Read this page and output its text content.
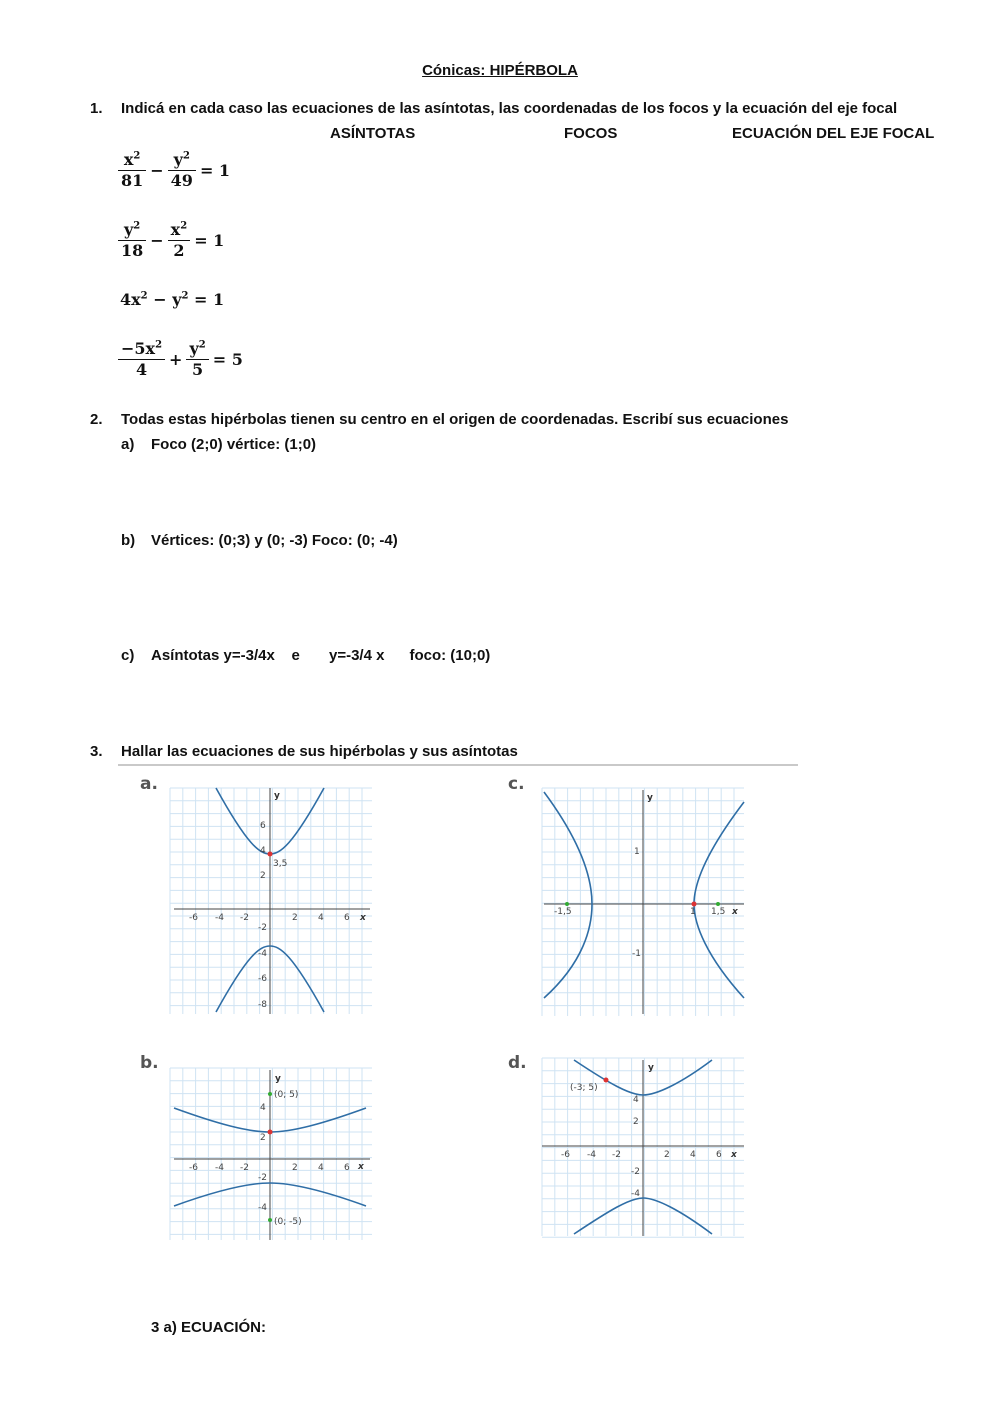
Cónicas: HIPÉRBOLA
1.	Indicá en cada caso las ecuaciones de las asíntotas, las coordenadas de los focos y la ecuación del eje focal
ASÍNTOTAS	FOCOS	ECUACIÓN DEL EJE FOCAL
$\frac{x^2}{81} - \frac{y^2}{49} = 1$
$\frac{y^2}{18} - \frac{x^2}{2} = 1$
$4x^2 - y^2 = 1$
$\frac{-5x^2}{4} + \frac{y^2}{5} = 5$
2.	Todas estas hipérbolas tienen su centro en el origen de coordenadas. Escribí sus ecuaciones
a) Foco (2;0) vértice: (1;0)
b) Vértices: (0;3) y (0; -3) Foco: (0; -4)
c) Asíntotas y=-3/4x    e       y=-3/4 x      foco: (10;0)
3.	Hallar las ecuaciones de sus hipérbolas y sus asíntotas
a.	c.
b.	d.
3,5
y
x
-6 -4 -2	2 4 6
6
4
2
-2
-4
-6
-8
y
x
-1,5	1 1,5
1
-1
(0; 5)
(0; -5)
y
x
-6 -4 -2	2 4 6
4
2
-2
-4
(-3; 5)
y
x
-6 -4 -2	2 4 6
4
2
-2
-4
3 a) ECUACIÓN:
